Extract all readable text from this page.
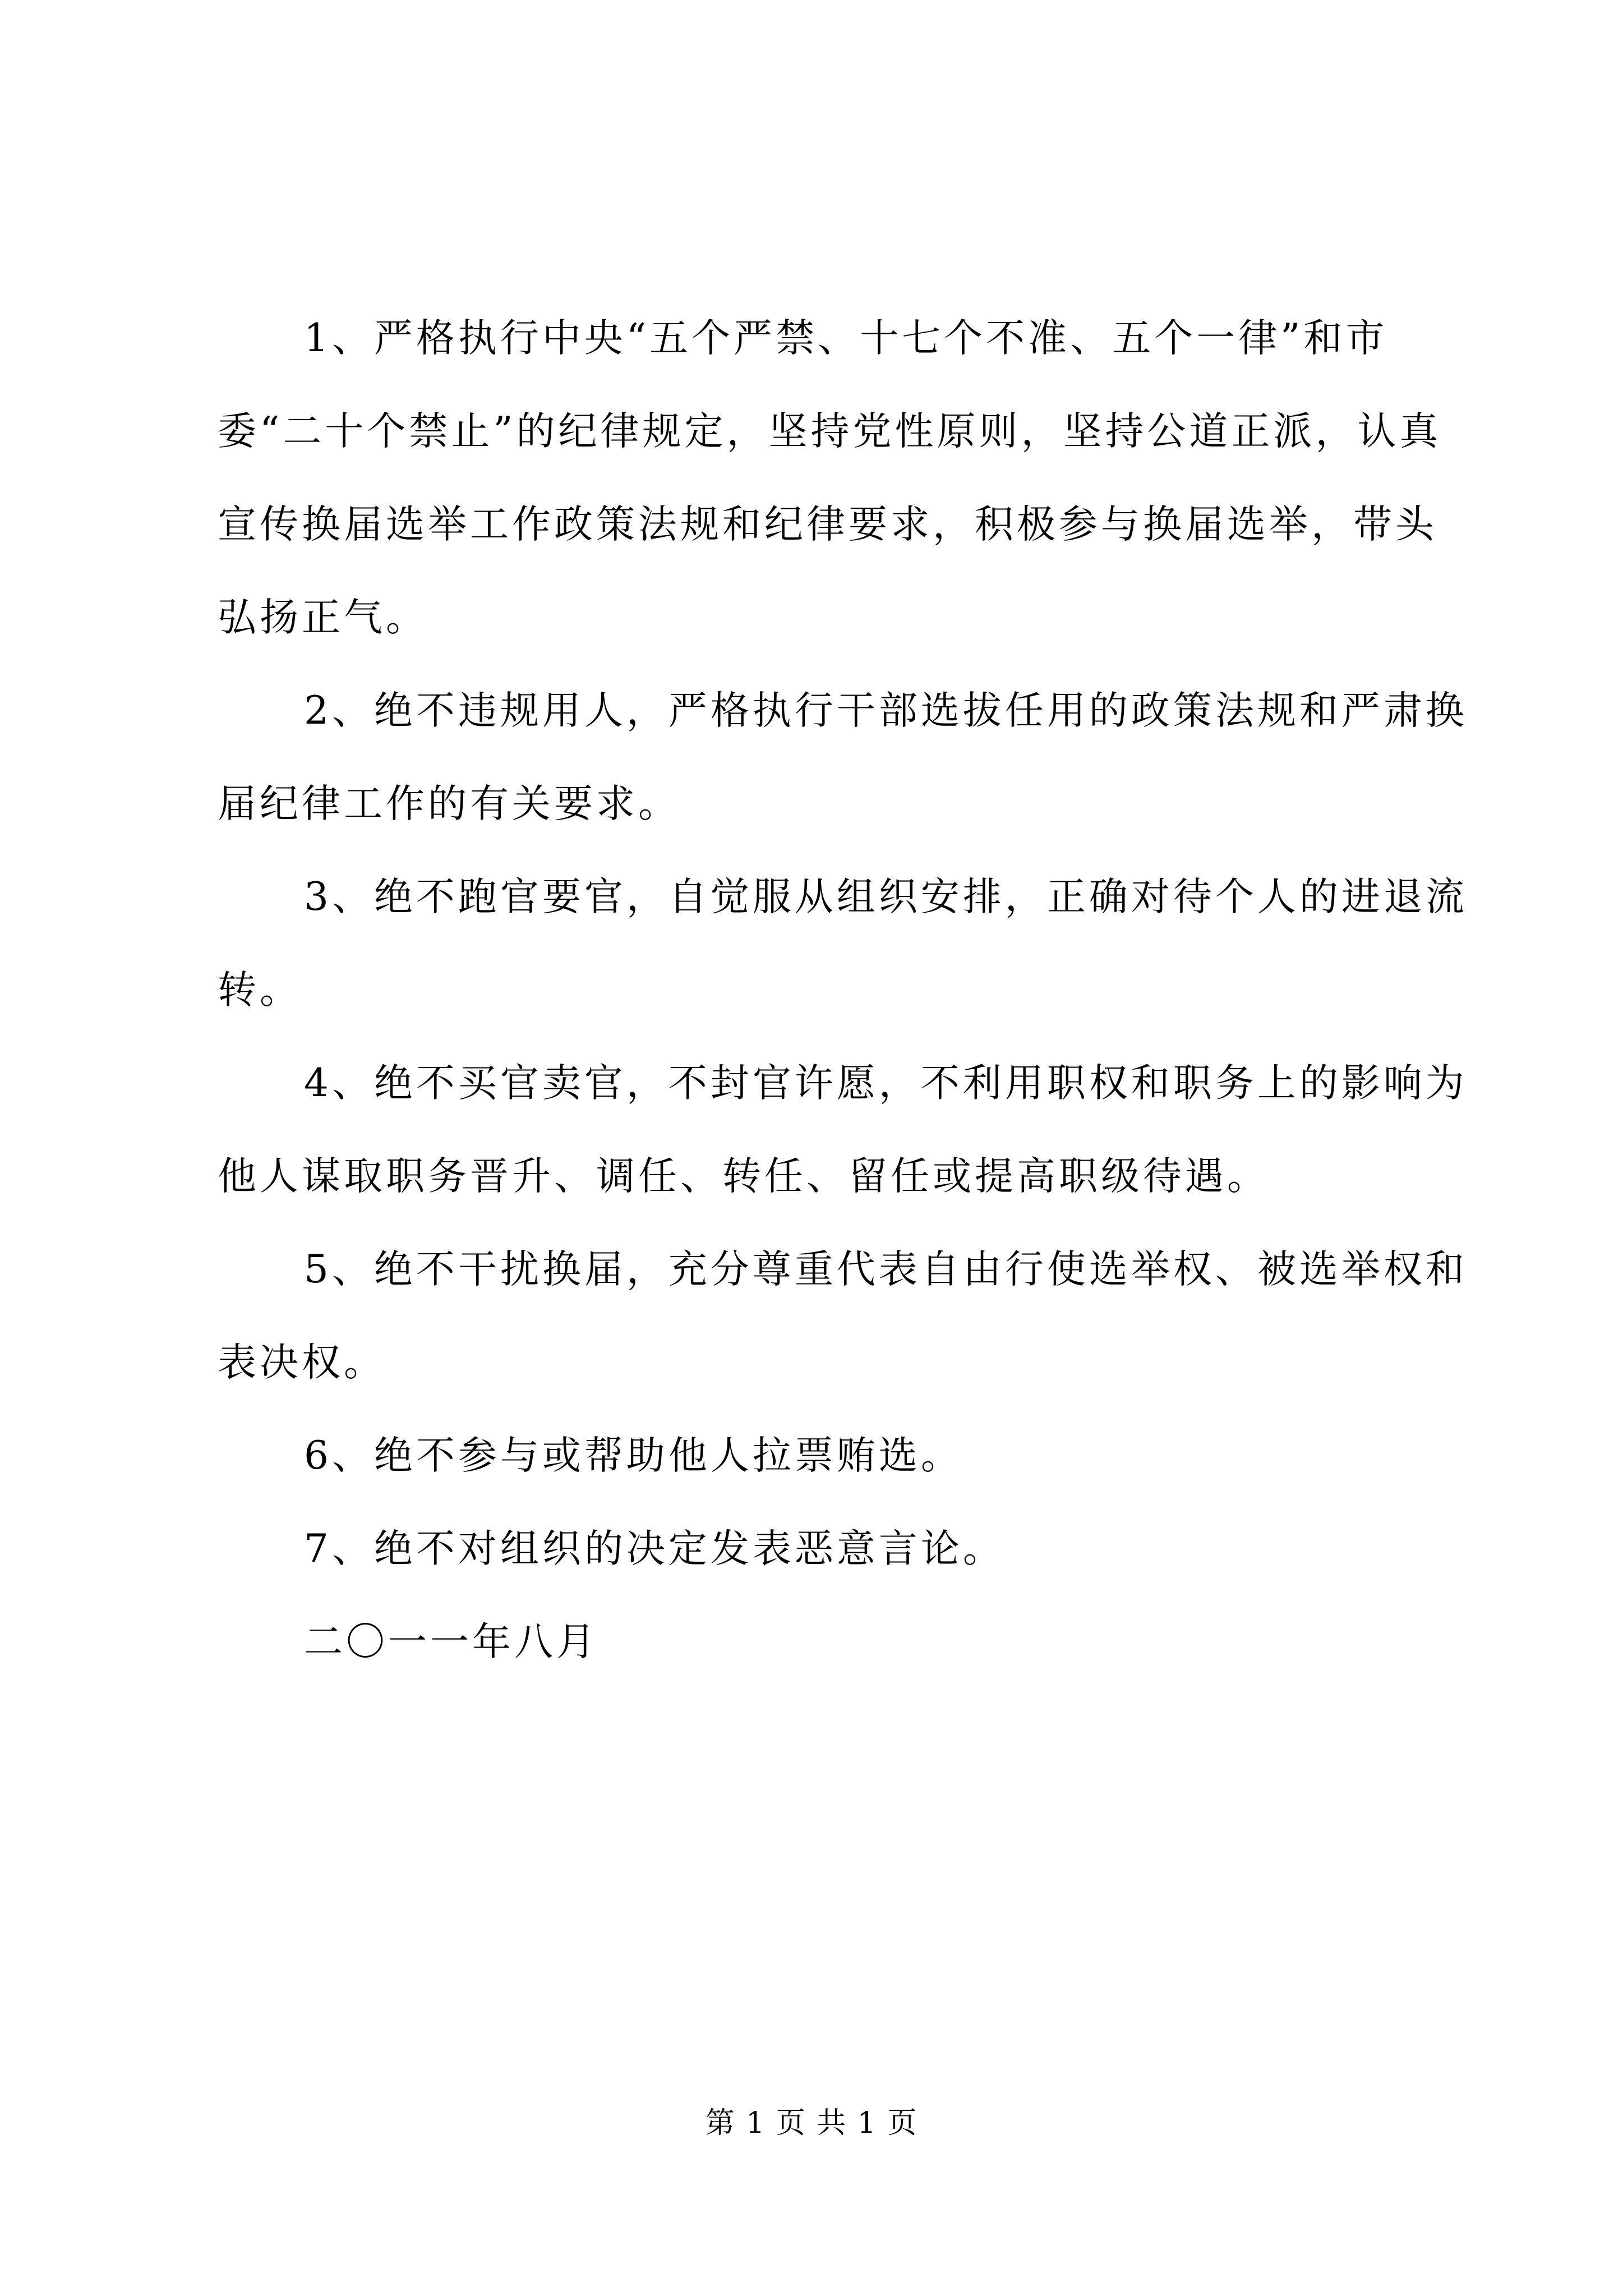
1、严格执行中央“五个严禁、十七个不准、五个一律”和市委“二十个禁止”的纪律规定，坚持党性原则，坚持公道正派，认真宣传换届选举工作政策法规和纪律要求，积极参与换届选举，带头弘扬正气。

2、绝不违规用人，严格执行干部选拔任用的政策法规和严肃换届纪律工作的有关要求。

3、绝不跑官要官，自觉服从组织安排，正确对待个人的进退流转。

4、绝不买官卖官，不封官许愿，不利用职权和职务上的影响为他人谋取职务晋升、调任、转任、留任或提高职级待遇。

5、绝不干扰换届，充分尊重代表自由行使选举权、被选举权和表决权。

6、绝不参与或帮助他人拉票贿选。

7、绝不对组织的决定发表恶意言论。

二〇一一年八月

第 1 页 共 1 页
